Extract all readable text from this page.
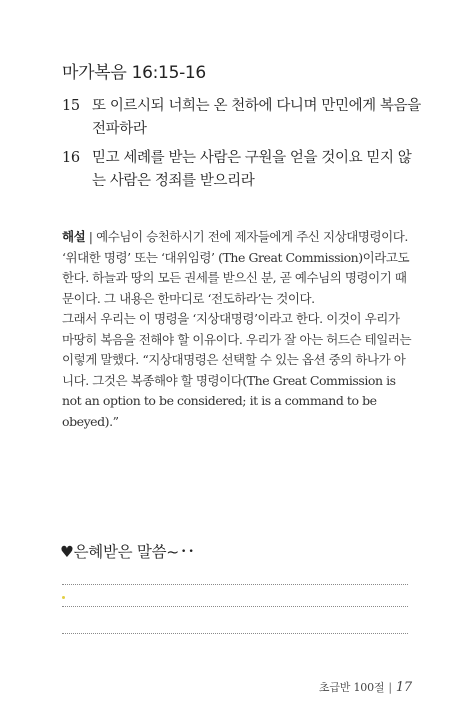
마가복음 16:15-16
15 또 이르시되 너희는 온 천하에 다니며 만민에게 복음을 전파하라
16 믿고 세례를 받는 사람은 구원을 얻을 것이요 믿지 않는 사람은 정죄를 받으리라

해설 | 예수님이 승천하시기 전에 제자들에게 주신 지상대명령이다. ‘위대한 명령’ 또는 ‘대위임령’ (The Great Commission)이라고도 한다. 하늘과 땅의 모든 권세를 받으신 분, 곧 예수님의 명령이기 때문이다. 그 내용은 한마디로 ‘전도하라’는 것이다.

그래서 우리는 이 명령을 ‘지상대명령’이라고 한다. 이것이 우리가 마땅히 복음을 전해야 할 이유이다. 우리가 잘 아는 허드슨 테일러는 이렇게 말했다. “지상대명령은 선택할 수 있는 옵션 중의 하나가 아니다. 그것은 복종해야 할 명령이다(The Great Commission is not an option to be considered; it is a command to be obeyed).”

♥은혜받은 말씀~ • •
초급반 100절 | 17
